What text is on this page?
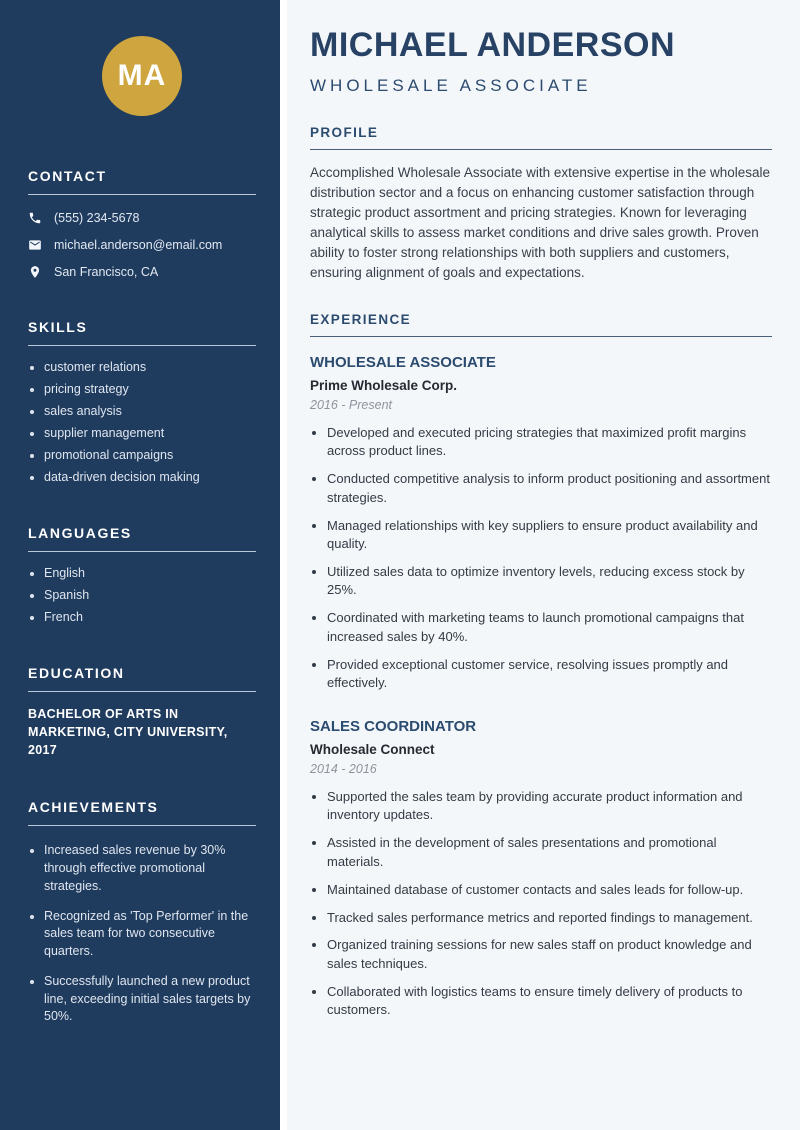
MA
CONTACT
(555) 234-5678
michael.anderson@email.com
San Francisco, CA
SKILLS
• customer relations
• pricing strategy
• sales analysis
• supplier management
• promotional campaigns
• data-driven decision making
LANGUAGES
• English
• Spanish
• French
EDUCATION

BACHELOR OF ARTS IN MARKETING, CITY UNIVERSITY, 2017

ACHIEVEMENTS
• Increased sales revenue by 30% through effective promotional strategies.
• Recognized as 'Top Performer' in the sales team for two consecutive quarters.
• Successfully launched a new product line, exceeding initial sales targets by 50%.
MICHAEL ANDERSON
WHOLESALE ASSOCIATE
PROFILE

Accomplished Wholesale Associate with extensive expertise in the wholesale distribution sector and a focus on enhancing customer satisfaction through strategic product assortment and pricing strategies. Known for leveraging analytical skills to assess market conditions and drive sales growth. Proven ability to foster strong relationships with both suppliers and customers, ensuring alignment of goals and expectations.

EXPERIENCE
WHOLESALE ASSOCIATE
Prime Wholesale Corp.
2016 - Present
• Developed and executed pricing strategies that maximized profit margins across product lines.
• Conducted competitive analysis to inform product positioning and assortment strategies.
• Managed relationships with key suppliers to ensure product availability and quality.
• Utilized sales data to optimize inventory levels, reducing excess stock by 25%.
• Coordinated with marketing teams to launch promotional campaigns that increased sales by 40%.
• Provided exceptional customer service, resolving issues promptly and effectively.
SALES COORDINATOR
Wholesale Connect
2014 - 2016
• Supported the sales team by providing accurate product information and inventory updates.
• Assisted in the development of sales presentations and promotional materials.
• Maintained database of customer contacts and sales leads for follow-up.
• Tracked sales performance metrics and reported findings to management.
• Organized training sessions for new sales staff on product knowledge and sales techniques.
• Collaborated with logistics teams to ensure timely delivery of products to customers.
